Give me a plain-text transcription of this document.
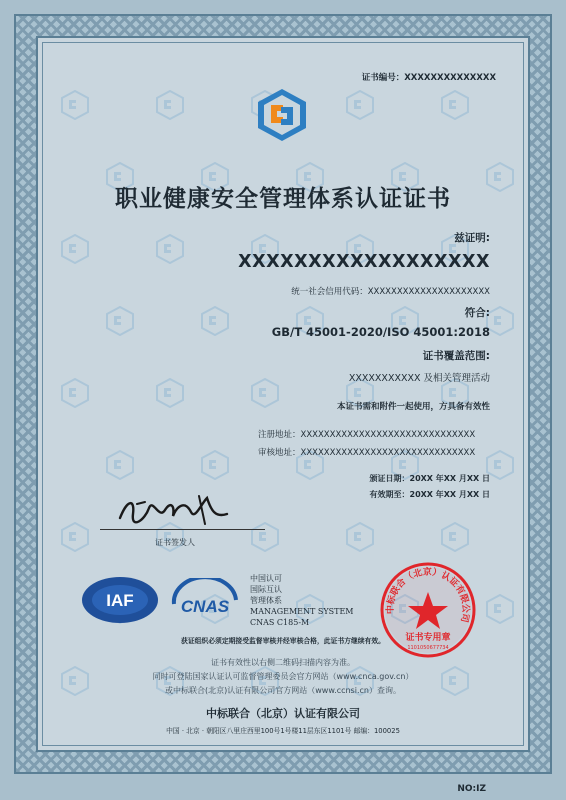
证书编号：XXXXXXXXXXXXXX
职业健康安全管理体系认证证书
兹证明:
XXXXXXXXXXXXXXXXXX
统一社会信用代码：XXXXXXXXXXXXXXXXXXXXX
符合:
GB/T 45001-2020/ISO 45001:2018
证书覆盖范围:
XXXXXXXXXXX 及相关管理活动
本证书需和附件一起使用，方具备有效性
注册地址：XXXXXXXXXXXXXXXXXXXXXXXXXXXXXX
审核地址：XXXXXXXXXXXXXXXXXXXXXXXXXXXXXX
颁证日期：20XX 年XX 月XX 日
有效期至：20XX 年XX 月XX 日
证书签发人
IAF	CNAS
中国认可
国际互认
管理体系
MANAGEMENT SYSTEM
CNAS C185-M
证书专用章
1101050677734
中标联合（北京）认证有限公司
获证组织必须定期接受监督审核并经审核合格，此证书方继续有效。
证书有效性以右侧二维码扫描内容为准。
同时可登陆国家认证认可监督管理委员会官方网站（www.cnca.gov.cn）
或中标联合(北京)认证有限公司官方网站（www.ccnsi.cn）查询。
中标联合（北京）认证有限公司
中国 · 北京 · 朝阳区八里庄西里100号1号楼11层东区1101号 邮编：100025
NO:IZ
